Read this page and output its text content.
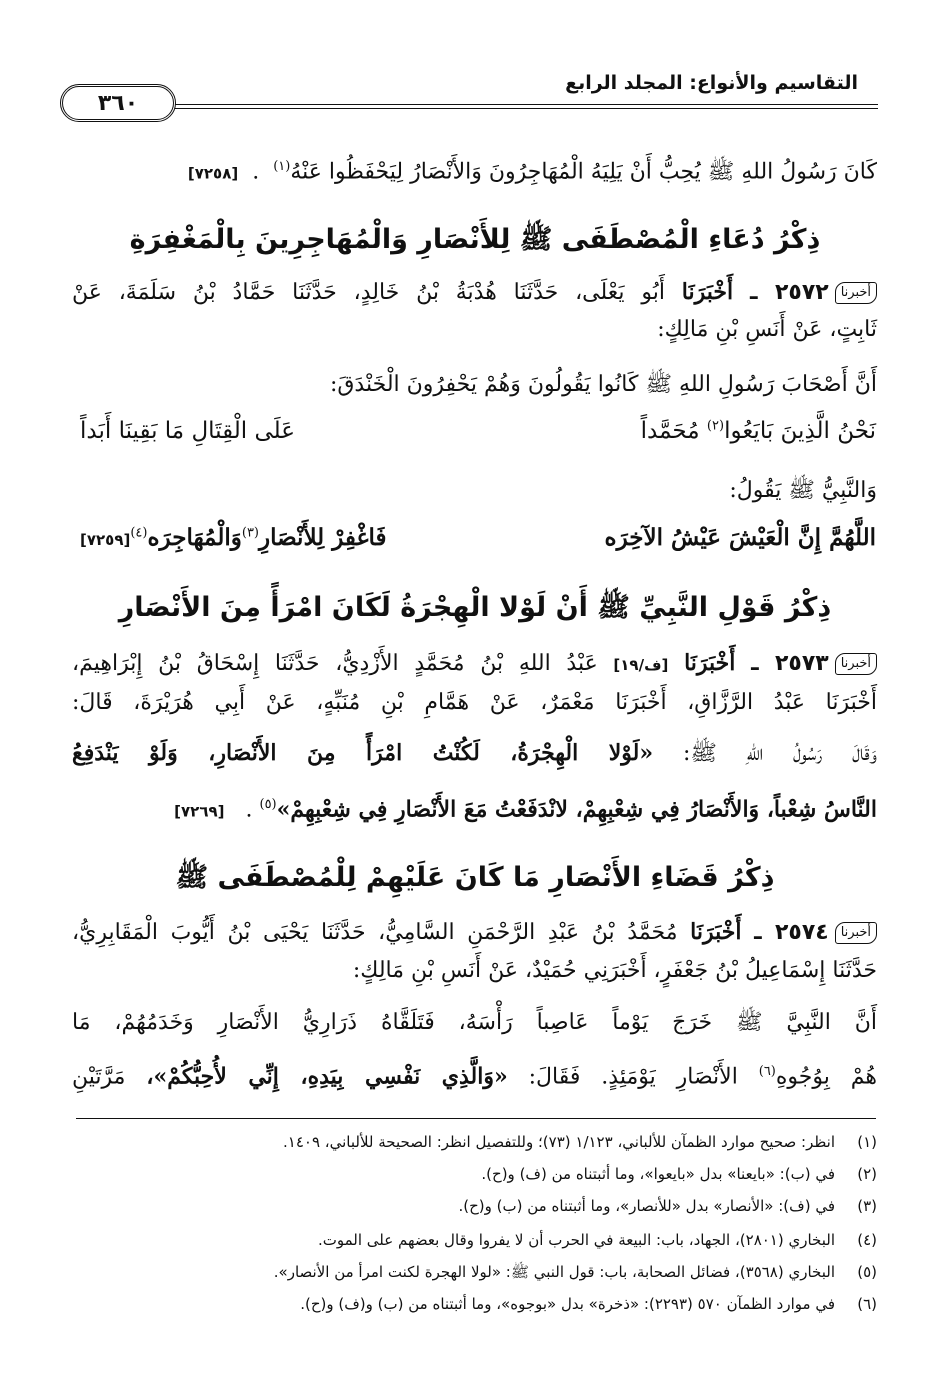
التقاسيم والأنواع: المجلد الرابع
٣٦٠
كَانَ رَسُولُ اللهِ ﷺ يُحِبُّ أَنْ يَلِيَهُ الْمُهَاجِرُونَ وَالأَنْصَارُ لِيَحْفَظُوا عَنْهُ$^{(١)}$  .  [٧٢٥٨]
ذِكْرُ دُعَاءِ الْمُصْطَفَى ﷺ لِلأَنْصَارِ وَالْمُهَاجِرِينَ بِالْمَغْفِرَةِ
أخبرنا٢٥٧٢ ـ أَخْبَرَنَا أَبُو يَعْلَى، حَدَّثَنَا هُدْبَةُ بْنُ خَالِدٍ، حَدَّثَنَا حَمَّادُ بْنُ سَلَمَةَ، عَنْ
ثَابِتٍ، عَنْ أَنَسِ بْنِ مَالِكٍ:
أَنَّ أَصْحَابَ رَسُولِ اللهِ ﷺ كَانُوا يَقُولُونَ وَهُمْ يَحْفِرُونَ الْخَنْدَقَ:
نَحْنُ الَّذِينَ بَايَعُوا$^{(٢)}$ مُحَمَّداً
عَلَى الْقِتَالِ مَا بَقِينَا أَبَداً
وَالنَّبِيُّ ﷺ يَقُولُ:
اللَّهُمَّ إِنَّ الْعَيْشَ عَيْشُ الآخِرَه
فَاغْفِرْ لِلأَنْصَارِ$^{(٣)}$وَالْمُهَاجِرَه$^{(٤)}$[٧٢٥٩]
ذِكْرُ قَوْلِ النَّبِيِّ ﷺ أَنْ لَوْلا الْهِجْرَةُ لَكَانَ امْرَأً مِنَ الأَنْصَارِ
أخبرنا٢٥٧٣ ـ أَخْبَرَنَا [ف/١٩] عَبْدُ اللهِ بْنُ مُحَمَّدٍ الأَزْدِيُّ، حَدَّثَنَا إِسْحَاقُ بْنُ إِبْرَاهِيمَ،
أَخْبَرَنَا عَبْدُ الرَّزَّاقِ، أَخْبَرَنَا مَعْمَرٌ، عَنْ هَمَّامِ بْنِ مُنَبِّهٍ، عَنْ أَبِي هُرَيْرَةَ، قَالَ:
وَقَالَ رَسُولُ اللهِ ﷺ: «لَوْلا الْهِجْرَةُ، لَكُنْتُ امْرَأً مِنَ الأَنْصَارِ، وَلَوْ يَنْدَفِعُ
النَّاسُ شِعْباً، وَالأَنْصَارُ فِي شِعْبِهِمْ، لانْدَفَعْتُ مَعَ الأَنْصَارِ فِي شِعْبِهِمْ»$^{(٥)}$ .   [٧٢٦٩]
ذِكْرُ قَضَاءِ الأَنْصَارِ مَا كَانَ عَلَيْهِمْ لِلْمُصْطَفَى ﷺ
أخبرنا٢٥٧٤ ـ أَخْبَرَنَا مُحَمَّدُ بْنُ عَبْدِ الرَّحْمَنِ السَّامِيُّ، حَدَّثَنَا يَحْيَى بْنُ أَيُّوبَ الْمَقَابِرِيُّ،
حَدَّثَنَا إِسْمَاعِيلُ بْنُ جَعْفَرٍ، أَخْبَرَنِي حُمَيْدٌ، عَنْ أَنَسِ بْنِ مَالِكٍ:
أَنَّ النَّبِيَّ ﷺ خَرَجَ يَوْماً عَاصِباً رَأْسَهُ، فَتَلَقَّاهُ ذَرَارِيُّ الأَنْصَارِ وَخَدَمُهُمْ، مَا
هُمْ بِوُجُوهِ$^{(٦)}$ الأَنْصَارِ يَوْمَئِذٍ. فَقَالَ: «وَالَّذِي نَفْسِي بِيَدِهِ، إِنِّي لأُحِبُّكُمْ»، مَرَّتَيْنِ
(١)انظر: صحيح موارد الظمآن للألباني، ١/١٢٣ (٧٣)؛ وللتفصيل انظر: الصحيحة للألباني، ١٤٠٩.
(٢)في (ب): «بايعنا» بدل «بايعوا»، وما أثبتناه من (ف) و(ح).
(٣)في (ف): «الأنصار» بدل «للأنصار»، وما أثبتناه من (ب) و(ح).
(٤)البخاري (٢٨٠١)، الجهاد، باب: البيعة في الحرب أن لا يفروا وقال بعضهم على الموت.
(٥)البخاري (٣٥٦٨)، فضائل الصحابة، باب: قول النبي ﷺ: «لولا الهجرة لكنت امرأ من الأنصار».
(٦)في موارد الظمآن ٥٧٠ (٢٢٩٣): «ذخرة» بدل «بوجوه»، وما أثبتناه من (ب) و(ف) و(ح).
